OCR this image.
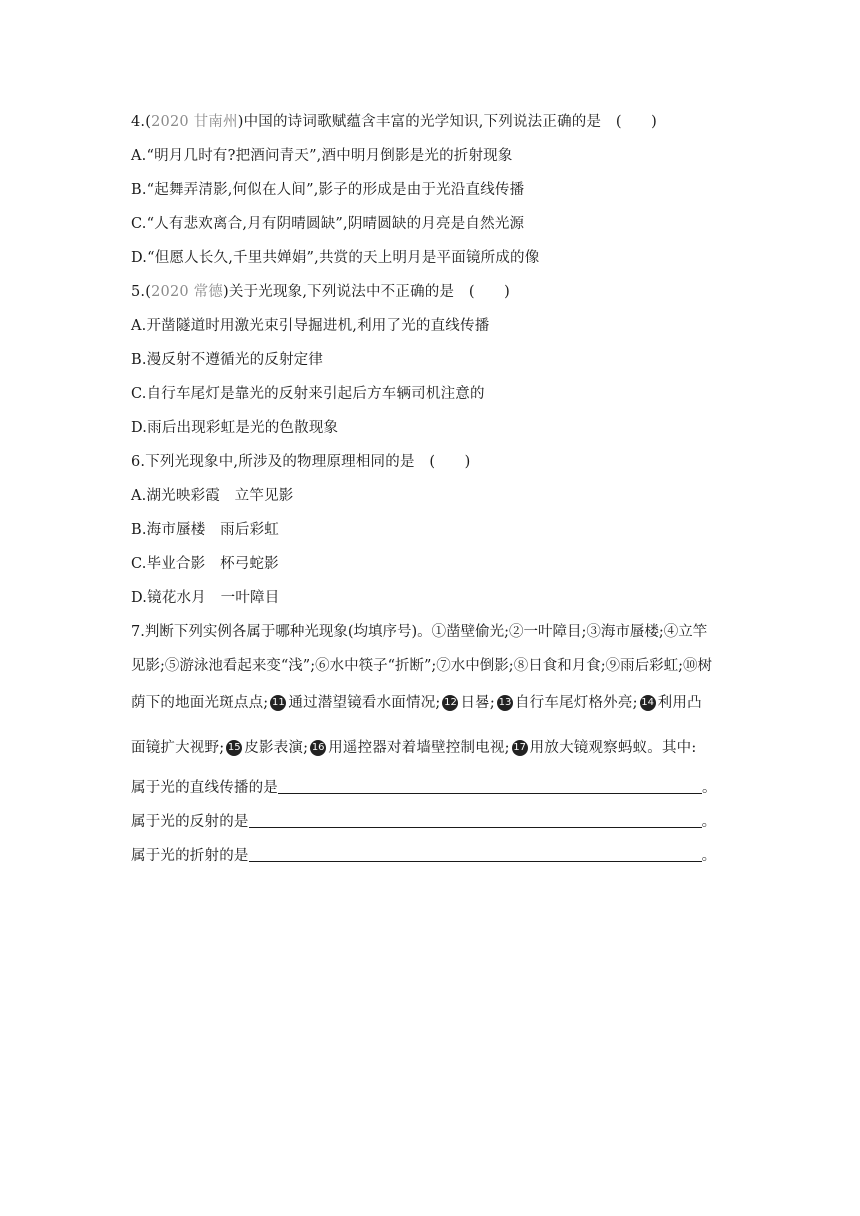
4.(2020 甘南州)中国的诗词歌赋蕴含丰富的光学知识,下列说法正确的是　(　　)
A.“明月几时有?把酒问青天”,酒中明月倒影是光的折射现象
B.“起舞弄清影,何似在人间”,影子的形成是由于光沿直线传播
C.“人有悲欢离合,月有阴晴圆缺”,阴晴圆缺的月亮是自然光源
D.“但愿人长久,千里共婵娟”,共赏的天上明月是平面镜所成的像
5.(2020 常德)关于光现象,下列说法中不正确的是　(　　)
A.开凿隧道时用激光束引导掘进机,利用了光的直线传播
B.漫反射不遵循光的反射定律
C.自行车尾灯是靠光的反射来引起后方车辆司机注意的
D.雨后出现彩虹是光的色散现象
6.下列光现象中,所涉及的物理原理相同的是　(　　)
A.湖光映彩霞　立竿见影
B.海市蜃楼　雨后彩虹
C.毕业合影　杯弓蛇影
D.镜花水月　一叶障目
7.判断下列实例各属于哪种光现象(均填序号)。①凿壁偷光;②一叶障目;③海市蜃楼;④立竿
见影;⑤游泳池看起来变“浅”;⑥水中筷子“折断”;⑦水中倒影;⑧日食和月食;⑨雨后彩虹;⑩树
荫下的地面光斑点点; 11 通过潜望镜看水面情况; 12 日晷; 13 自行车尾灯格外亮; 14 利用凸
面镜扩大视野; 15 皮影表演; 16 用遥控器对着墙壁控制电视; 17 用放大镜观察蚂蚁。其中:
属于光的直线传播的是	。
属于光的反射的是	。
属于光的折射的是	。
